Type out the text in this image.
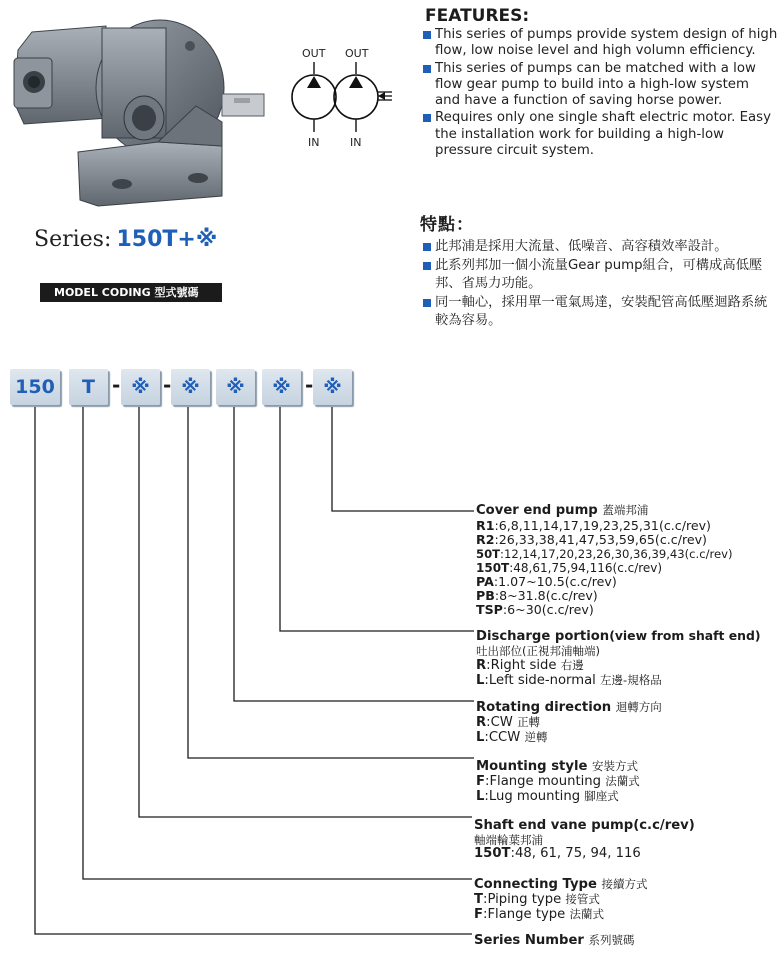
OUT OUT
IN	IN
Series: 150T+※
MODEL CODING 型式號碼
FEATURES:
This series of pumps provide system design of high flow, low noise level and high volumn efficiency.
This series of pumps can be matched with a low flow gear pump to build into a high-low system and have a function of saving horse power.
Requires only one single shaft electric motor. Easy the installation work for building a high-low pressure circuit system.
特點：
此邦浦是採用大流量、低噪音、高容積效率設計。
此系列邦加一個小流量Gear pump組合，可構成高低壓邦、省馬力功能。
同一軸心，採用單一電氣馬達，安裝配管高低壓迴路系統較為容易。
150	T - ※ - ※	※	※ - ※
Cover end pump 蓋端邦浦
R1:6,8,11,14,17,19,23,25,31(c.c/rev)
R2:26,33,38,41,47,53,59,65(c.c/rev)
50T:12,14,17,20,23,26,30,36,39,43(c.c/rev)
150T:48,61,75,94,116(c.c/rev)
PA:1.07~10.5(c.c/rev)
PB:8~31.8(c.c/rev)
TSP:6~30(c.c/rev)
Discharge portion(view from shaft end)
吐出部位(正視邦浦軸端)
R:Right side 右邊
L:Left side-normal 左邊-規格品
Rotating direction 迴轉方向
R:CW 正轉
L:CCW 逆轉
Mounting style 安裝方式
F:Flange mounting 法蘭式
L:Lug mounting 腳座式
Shaft end vane pump(c.c/rev)
軸端輪葉邦浦
150T:48, 61, 75, 94, 116
Connecting Type 接續方式
T:Piping type 接管式
F:Flange type 法蘭式
Series Number 系列號碼
